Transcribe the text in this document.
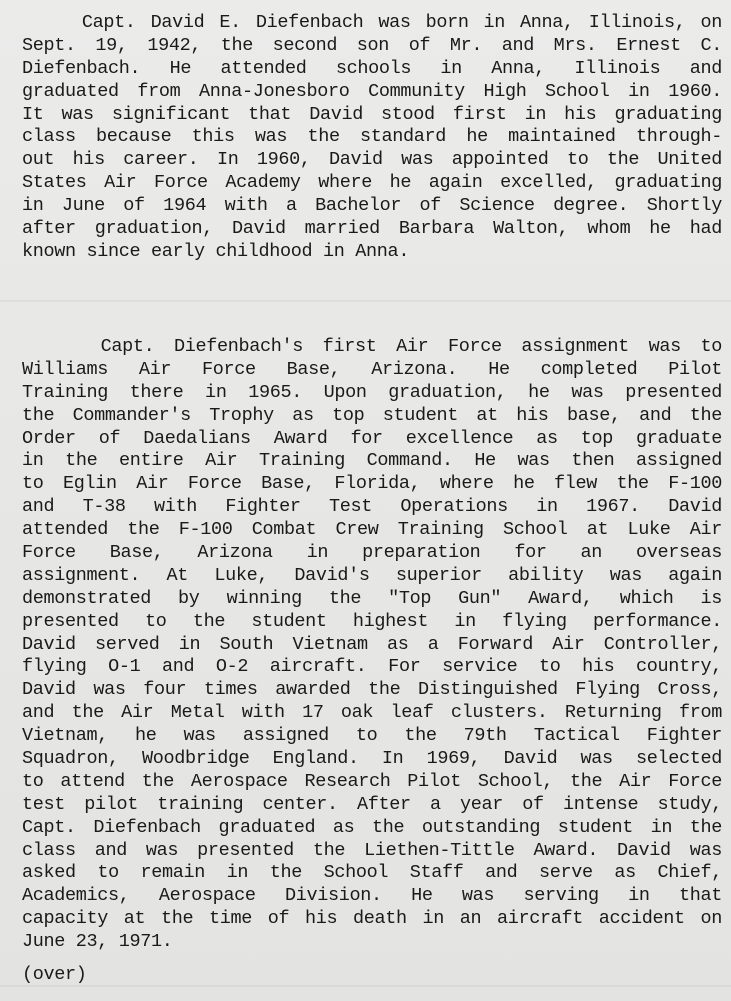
Capt. David E. Diefenbach was born in Anna, Illinois, on
Sept. 19, 1942, the second son of Mr. and Mrs. Ernest C.
Diefenbach. He attended schools in Anna, Illinois and
graduated from Anna-Jonesboro Community High School in 1960.
It was significant that David stood first in his graduating
class because this was the standard he maintained through-
out his career. In 1960, David was appointed to the United
States Air Force Academy where he again excelled, graduating
in June of 1964 with a Bachelor of Science degree. Shortly
after graduation, David married Barbara Walton, whom he had
known since early childhood in Anna.
Capt. Diefenbach's first Air Force assignment was to
Williams Air Force Base, Arizona. He completed Pilot
Training there in 1965. Upon graduation, he was presented
the Commander's Trophy as top student at his base, and the
Order of Daedalians Award for excellence as top graduate
in the entire Air Training Command. He was then assigned
to Eglin Air Force Base, Florida, where he flew the F-100
and T-38 with Fighter Test Operations in 1967. David
attended the F-100 Combat Crew Training School at Luke Air
Force Base, Arizona in preparation for an overseas
assignment. At Luke, David's superior ability was again
demonstrated by winning the "Top Gun" Award, which is
presented to the student highest in flying performance.
David served in South Vietnam as a Forward Air Controller,
flying O-1 and O-2 aircraft. For service to his country,
David was four times awarded the Distinguished Flying Cross,
and the Air Metal with 17 oak leaf clusters. Returning from
Vietnam, he was assigned to the 79th Tactical Fighter
Squadron, Woodbridge England. In 1969, David was selected
to attend the Aerospace Research Pilot School, the Air Force
test pilot training center. After a year of intense study,
Capt. Diefenbach graduated as the outstanding student in the
class and was presented the Liethen-Tittle Award. David was
asked to remain in the School Staff and serve as Chief,
Academics, Aerospace Division. He was serving in that
capacity at the time of his death in an aircraft accident on
June 23, 1971.
(over)
